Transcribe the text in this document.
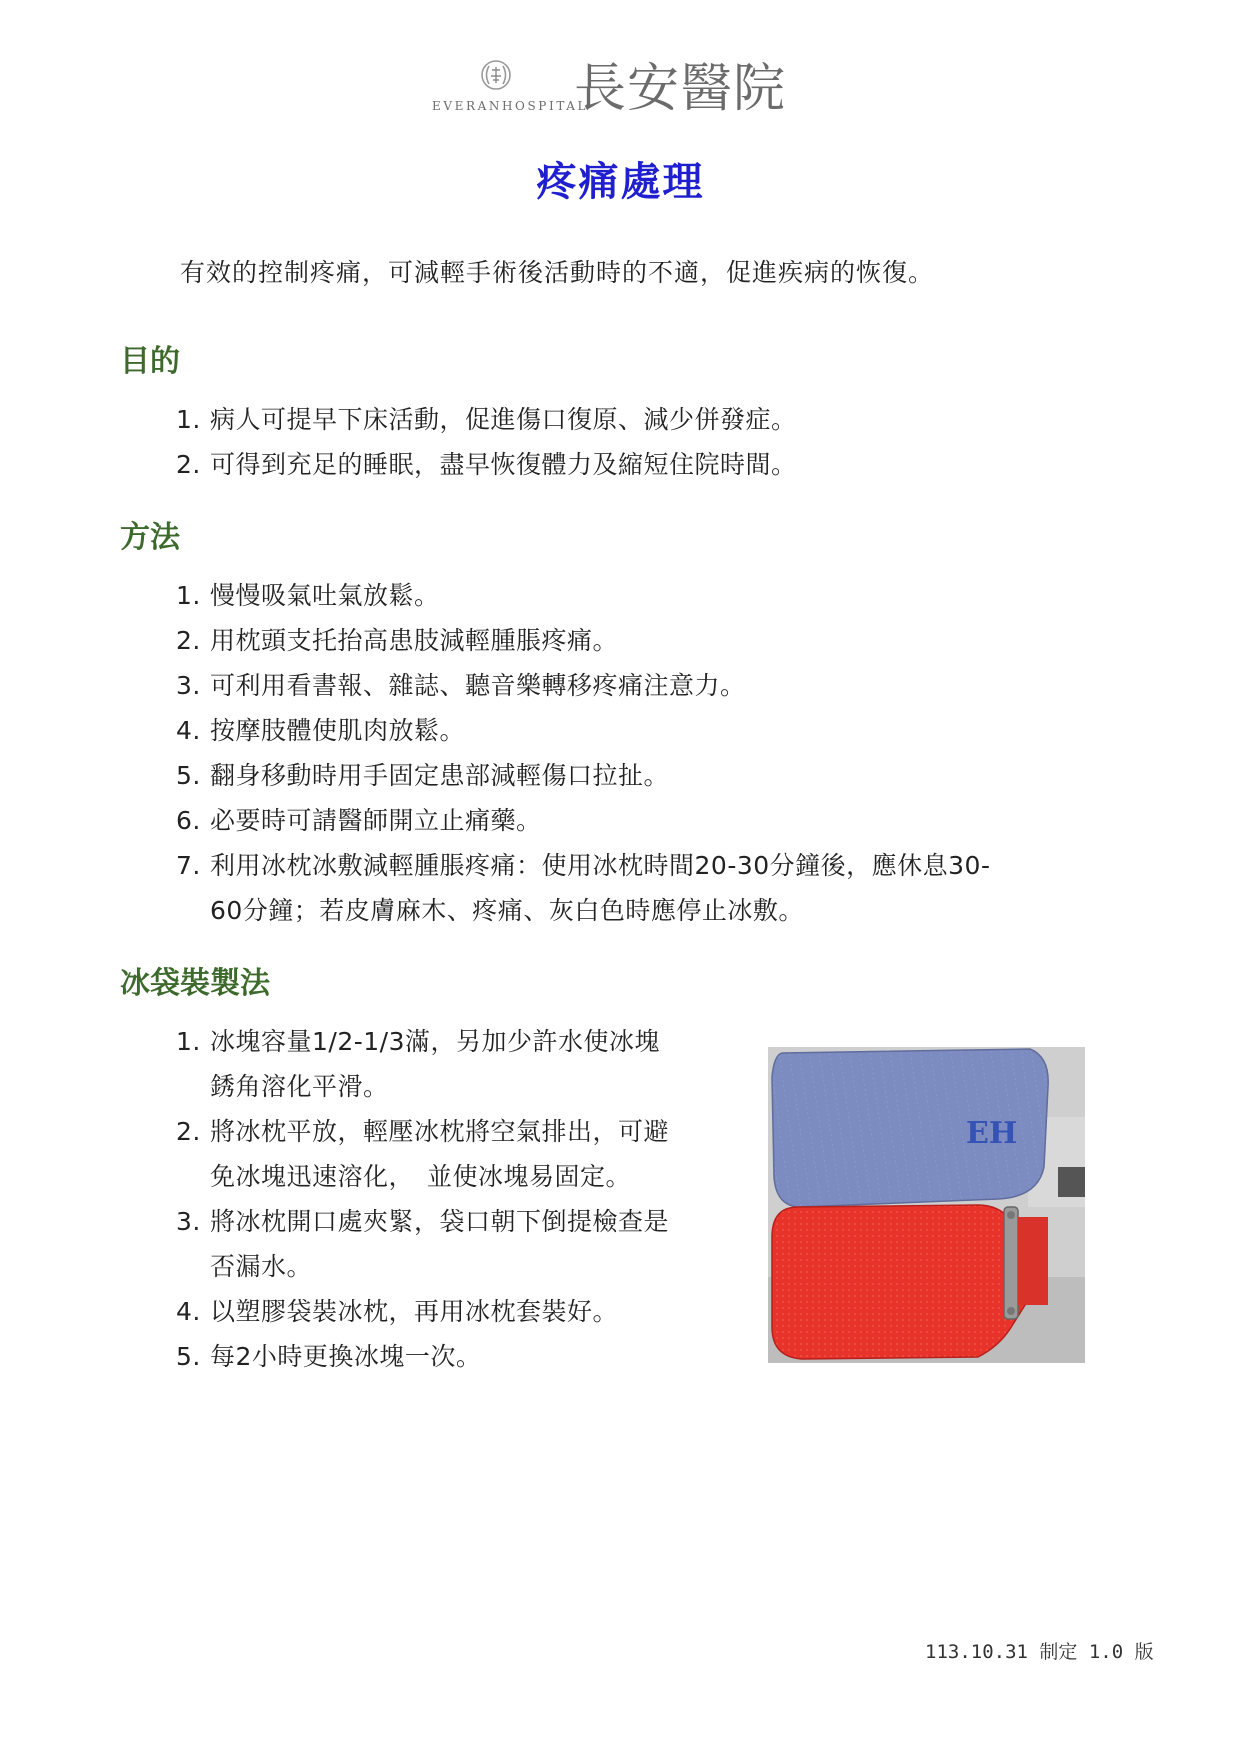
EVERANHOSPITAL
長安醫院
疼痛處理
有效的控制疼痛，可減輕手術後活動時的不適，促進疾病的恢復。
目的
1. 病人可提早下床活動，促進傷口復原、減少併發症。
2. 可得到充足的睡眠，盡早恢復體力及縮短住院時間。
方法
1. 慢慢吸氣吐氣放鬆。
2. 用枕頭支托抬高患肢減輕腫脹疼痛。
3. 可利用看書報、雜誌、聽音樂轉移疼痛注意力。
4. 按摩肢體使肌肉放鬆。
5. 翻身移動時用手固定患部減輕傷口拉扯。
6. 必要時可請醫師開立止痛藥。
7. 利用冰枕冰敷減輕腫脹疼痛：使用冰枕時間20-30分鐘後，應休息30-
60分鐘；若皮膚麻木、疼痛、灰白色時應停止冰敷。
冰袋裝製法
1. 冰塊容量1/2-1/3滿，另加少許水使冰塊
銹角溶化平滑。
2. 將冰枕平放，輕壓冰枕將空氣排出，可避
免冰塊迅速溶化，　並使冰塊易固定。
3. 將冰枕開口處夾緊，袋口朝下倒提檢查是
否漏水。
4. 以塑膠袋裝冰枕，再用冰枕套裝好。
5. 每2小時更換冰塊一次。
EH
113.10.31 制定 1.0 版
